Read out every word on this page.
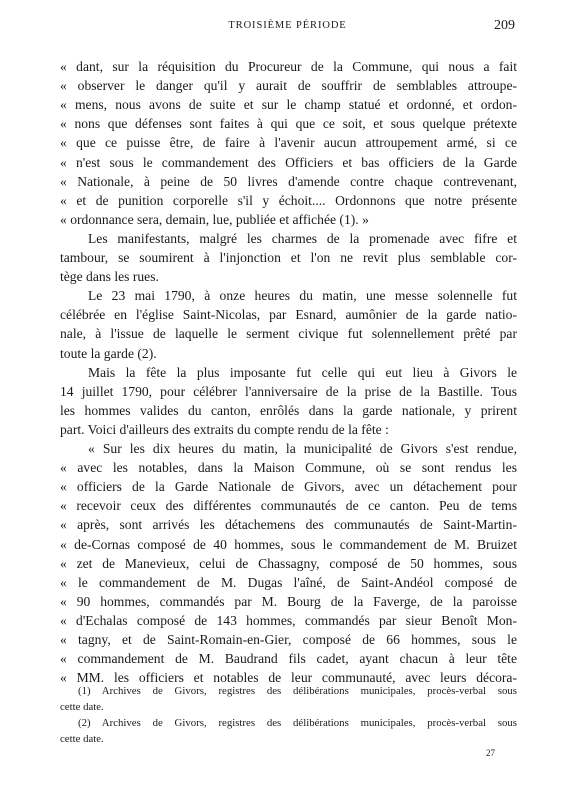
TROISIÈME PÉRIODE	209
« dant, sur la réquisition du Procureur de la Commune, qui nous a fait
« observer le danger qu'il y aurait de souffrir de semblables attroupe-
« mens, nous avons de suite et sur le champ statué et ordonné, et ordon-
« nons que défenses sont faites à qui que ce soit, et sous quelque prétexte
« que ce puisse être, de faire à l'avenir aucun attroupement armé, si ce
« n'est sous le commandement des Officiers et bas officiers de la Garde
« Nationale, à peine de 50 livres d'amende contre chaque contrevenant,
« et de punition corporelle s'il y échoit.... Ordonnons que notre présente
« ordonnance sera, demain, lue, publiée et affichée (1). »
Les manifestants, malgré les charmes de la promenade avec fifre et
tambour, se soumirent à l'injonction et l'on ne revit plus semblable cor-
tège dans les rues.
Le 23 mai 1790, à onze heures du matin, une messe solennelle fut
célébrée en l'église Saint-Nicolas, par Esnard, aumônier de la garde natio-
nale, à l'issue de laquelle le serment civique fut solennellement prêté par
toute la garde (2).
Mais la fête la plus imposante fut celle qui eut lieu à Givors le
14 juillet 1790, pour célébrer l'anniversaire de la prise de la Bastille. Tous
les hommes valides du canton, enrôlés dans la garde nationale, y prirent
part. Voici d'ailleurs des extraits du compte rendu de la fête :
« Sur les dix heures du matin, la municipalité de Givors s'est rendue,
« avec les notables, dans la Maison Commune, où se sont rendus les
« officiers de la Garde Nationale de Givors, avec un détachement pour
« recevoir ceux des différentes communautés de ce canton. Peu de tems
« après, sont arrivés les détachemens des communautés de Saint-Martin-
« de-Cornas composé de 40 hommes, sous le commandement de M. Bruizet
« zet de Manevieux, celui de Chassagny, composé de 50 hommes, sous
« le commandement de M. Dugas l'aîné, de Saint-Andéol composé de
« 90 hommes, commandés par M. Bourg de la Faverge, de la paroisse
« d'Echalas composé de 143 hommes, commandés par sieur Benoît Mon-
« tagny, et de Saint-Romain-en-Gier, composé de 66 hommes, sous le
« commandement de M. Baudrand fils cadet, ayant chacun à leur tête
« MM. les officiers et notables de leur communauté, avec leurs décora-
(1) Archives de Givors, registres des délibérations municipales, procès-verbal sous
cette date.
(2) Archives de Givors, registres des délibérations municipales, procès-verbal sous
cette date.
27
